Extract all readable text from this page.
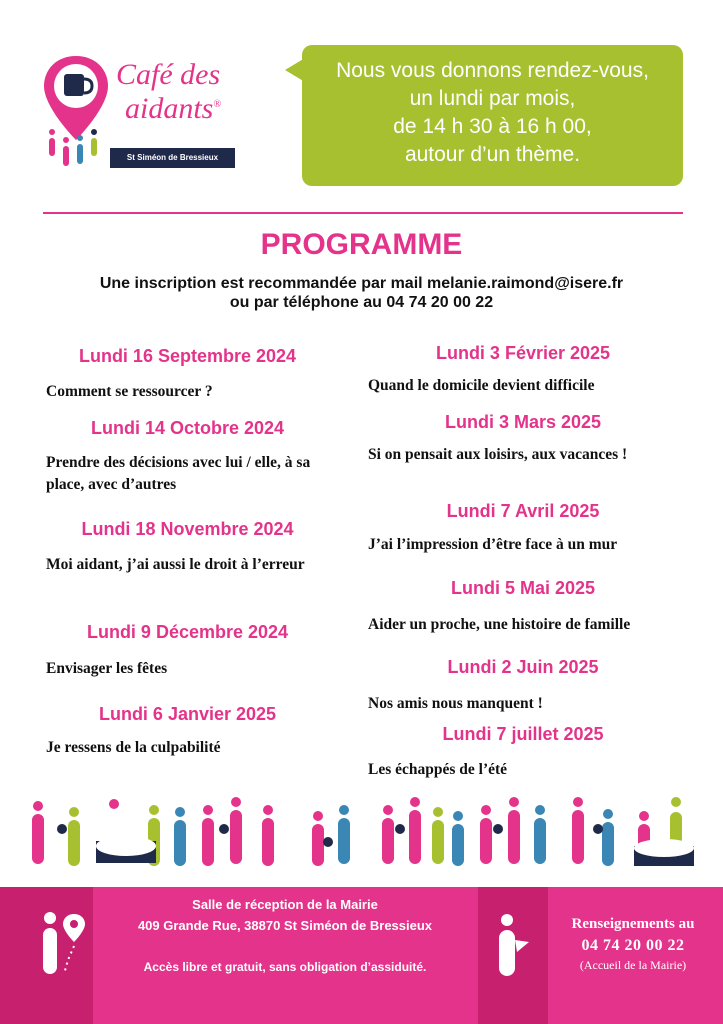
Café des
aidants®
St Siméon de Bressieux
Nous vous donnons rendez-vous,
un lundi par mois,
de 14 h 30 à 16 h 00,
autour d’un thème.
PROGRAMME
Une inscription est recommandée par mail melanie.raimond@isere.fr
ou par téléphone au 04 74 20 00 22
Lundi 16 Septembre 2024
Comment se ressourcer ?
Lundi 14 Octobre 2024
Prendre des décisions avec lui / elle, à sa place, avec d’autres
Lundi 18 Novembre 2024
Moi aidant, j’ai aussi le droit à l’erreur
Lundi 9 Décembre 2024
Envisager les fêtes
Lundi 6 Janvier 2025
Je ressens de la culpabilité
Lundi 3 Février 2025
Quand le domicile devient difficile
Lundi 3 Mars 2025
Si on pensait aux loisirs, aux vacances !
Lundi 7 Avril 2025
J’ai l’impression d’être face à un mur
Lundi 5 Mai 2025
Aider un proche, une histoire de famille
Lundi 2 Juin 2025
Nos amis nous manquent !
Lundi 7 juillet 2025
Les échappés de l’été
Salle de réception de la Mairie
409 Grande Rue, 38870 St Siméon de Bressieux
Accès libre et gratuit, sans obligation d’assiduité.
Renseignements au
04 74 20 00 22
(Accueil de la Mairie)
